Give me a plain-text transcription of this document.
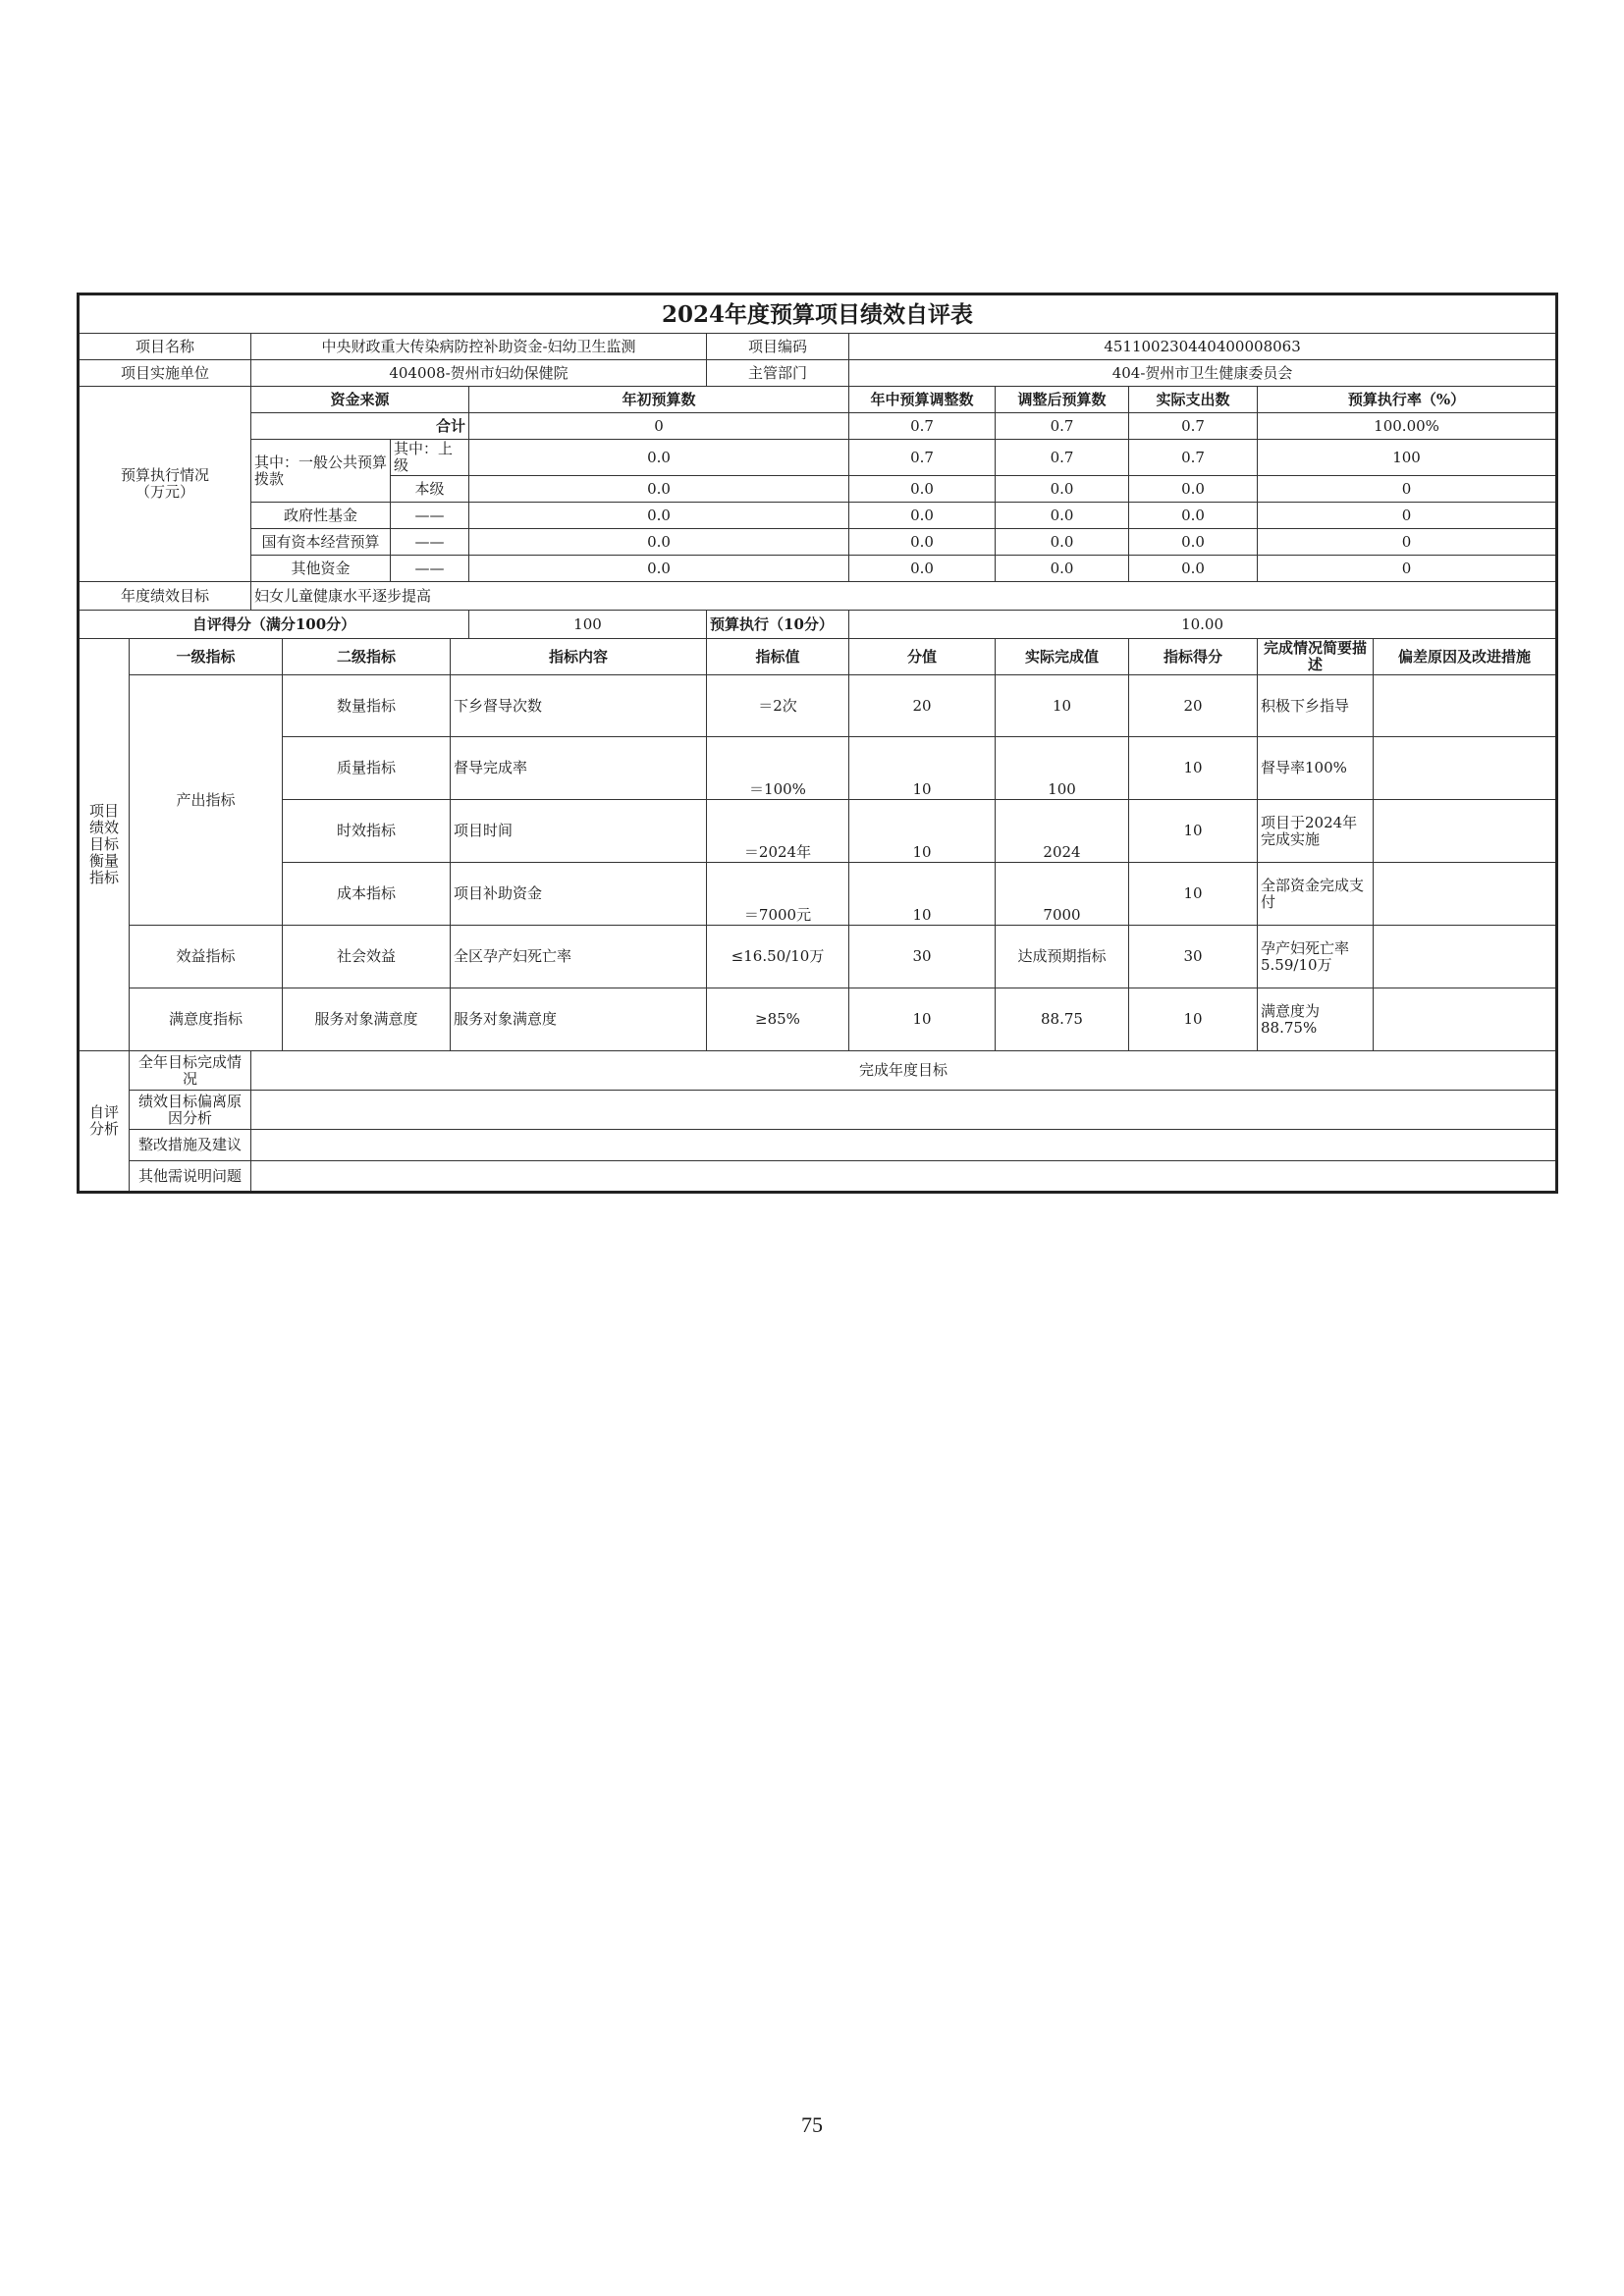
2024年度预算项目绩效自评表												
项目名称		中央财政重大传染病防控补助资金-妇幼卫生监测					项目编码	451100230440400008063				
项目实施单位		404008-贺州市妇幼保健院					主管部门	404-贺州市卫生健康委员会				
预算执行情况
（万元）		资金来源				年初预算数		年中预算调整数	调整后预算数	实际支出数	预算执行率（%）	
		合计				0		0.7	0.7	0.7	100.00%	
		其中：一般公共预算拨款		其中：上级		0.0		0.7	0.7	0.7	100	
				本级		0.0		0.0	0.0	0.0	0	
		政府性基金		——		0.0		0.0	0.0	0.0	0	
		国有资本经营预算		——		0.0		0.0	0.0	0.0	0	
		其他资金		——		0.0		0.0	0.0	0.0	0	
年度绩效目标		妇女儿童健康水平逐步提高										
自评得分（满分100分）						100	预算执行（10分）	10.00				
项目绩效目标衡量指标	一级指标		二级指标		指标内容		指标值	分值	实际完成值	指标得分	完成情况简要描述	偏差原因及改进措施
	产出指标		数量指标		下乡督导次数		＝2次	20	10	20	积极下乡指导	
			质量指标		督导完成率		＝100%	10	100	10	督导率100%	
			时效指标		项目时间		＝2024年	10	2024	10	项目于2024年完成实施	
			成本指标		项目补助资金		＝7000元	10	7000	10	全部资金完成支付	
	效益指标		社会效益		全区孕产妇死亡率		≤16.50/10万	30	达成预期指标	30	孕产妇死亡率5.59/10万	
	满意度指标		服务对象满意度		服务对象满意度		≥85%	10	88.75	10	满意度为88.75%	
自评分析	全年目标完成情况	完成年度目标										
	绩效目标偏离原因分析											
	整改措施及建议											
	其他需说明问题											
75
